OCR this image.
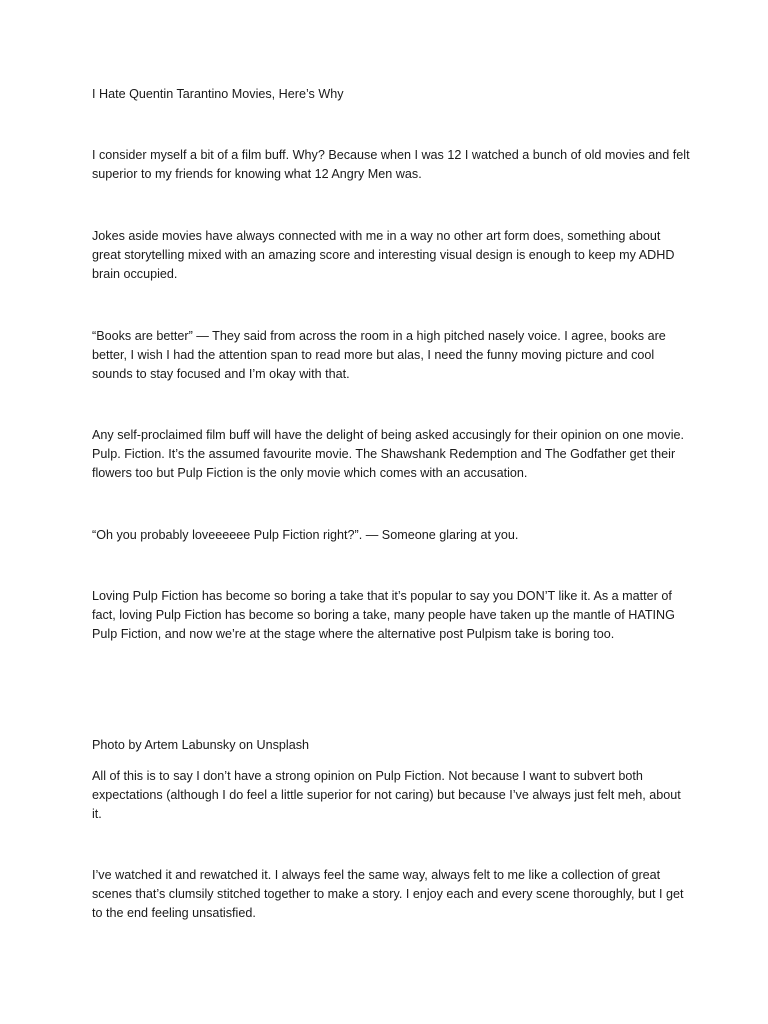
I Hate Quentin Tarantino Movies, Here’s Why

I consider myself a bit of a film buff. Why? Because when I was 12 I watched a bunch of old movies and felt superior to my friends for knowing what 12 Angry Men was.

Jokes aside movies have always connected with me in a way no other art form does, something about great storytelling mixed with an amazing score and interesting visual design is enough to keep my ADHD brain occupied.

“Books are better” — They said from across the room in a high pitched nasely voice. I agree, books are better, I wish I had the attention span to read more but alas, I need the funny moving picture and cool sounds to stay focused and I’m okay with that.

Any self-proclaimed film buff will have the delight of being asked accusingly for their opinion on one movie. Pulp. Fiction. It’s the assumed favourite movie. The Shawshank Redemption and The Godfather get their flowers too but Pulp Fiction is the only movie which comes with an accusation.

“Oh you probably loveeeeee Pulp Fiction right?”. — Someone glaring at you.

Loving Pulp Fiction has become so boring a take that it’s popular to say you DON’T like it. As a matter of fact, loving Pulp Fiction has become so boring a take, many people have taken up the mantle of HATING Pulp Fiction, and now we’re at the stage where the alternative post Pulpism take is boring too.

Photo by Artem Labunsky on Unsplash

All of this is to say I don’t have a strong opinion on Pulp Fiction. Not because I want to subvert both expectations (although I do feel a little superior for not caring) but because I’ve always just felt meh, about it.

I’ve watched it and rewatched it. I always feel the same way, always felt to me like a collection of great scenes that’s clumsily stitched together to make a story. I enjoy each and every scene thoroughly, but I get to the end feeling unsatisfied.
